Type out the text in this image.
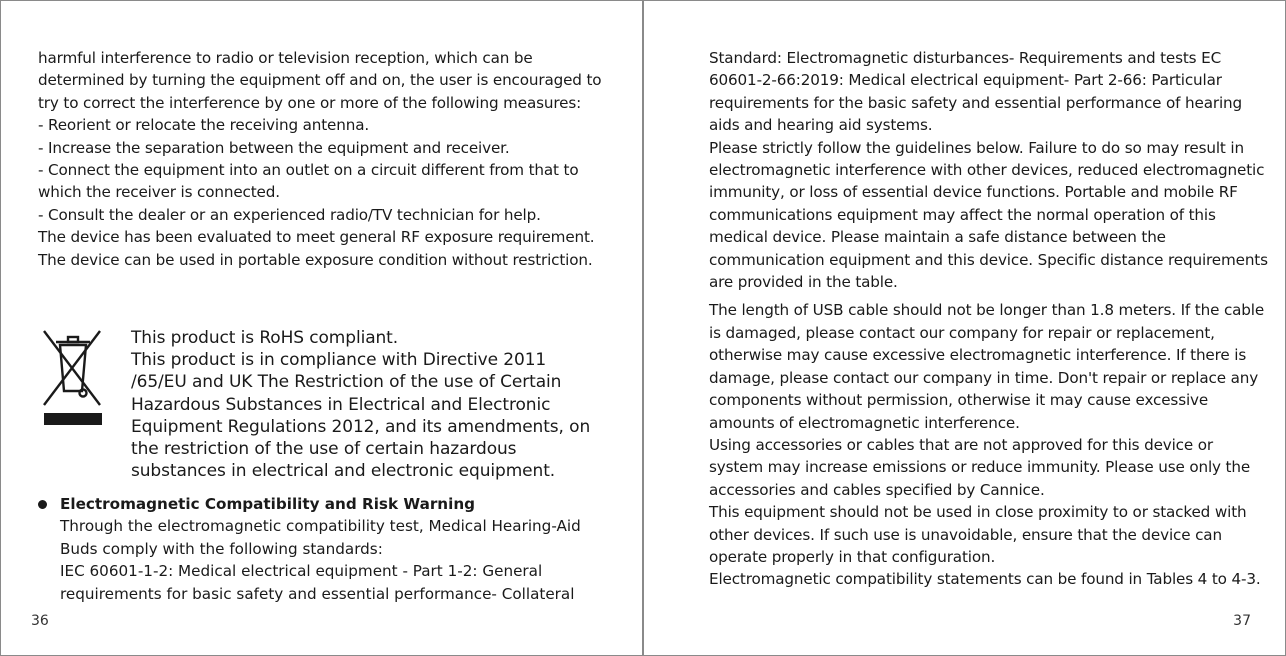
harmful interference to radio or television reception, which can be determined by turning the equipment off and on, the user is encouraged to try to correct the interference by one or more of the following measures:

- Reorient or relocate the receiving antenna.

- Increase the separation between the equipment and receiver.

- Connect the equipment into an outlet on a circuit different from that to which the receiver is connected.

- Consult the dealer or an experienced radio/TV technician for help.

The device has been evaluated to meet general RF exposure requirement. The device can be used in portable exposure condition without restriction.

This product is RoHS compliant.

This product is in compliance with Directive 2011 /65/EU and UK The Restriction of the use of Certain Hazardous Substances in Electrical and Electronic Equipment Regulations 2012, and its amendments, on the restriction of the use of certain hazardous substances in electrical and electronic equipment.

Electromagnetic Compatibility and Risk Warning

Through the electromagnetic compatibility test, Medical Hearing-Aid Buds comply with the following standards:

IEC 60601-1-2: Medical electrical equipment - Part 1-2: General requirements for basic safety and essential performance- Collateral

36

Standard: Electromagnetic disturbances- Requirements and tests EC 60601-2-66:2019: Medical electrical equipment- Part 2-66: Particular requirements for the basic safety and essential performance of hearing aids and hearing aid systems.

Please strictly follow the guidelines below. Failure to do so may result in electromagnetic interference with other devices, reduced electromagnetic immunity, or loss of essential device functions. Portable and mobile RF communications equipment may affect the normal operation of this medical device. Please maintain a safe distance between the communication equipment and this device. Specific distance requirements are provided in the table.

The length of USB cable should not be longer than 1.8 meters. If the cable is damaged, please contact our company for repair or replacement, otherwise may cause excessive electromagnetic interference. If there is damage, please contact our company in time. Don't repair or replace any components without permission, otherwise it may cause excessive amounts of electromagnetic interference.

Using accessories or cables that are not approved for this device or system may increase emissions or reduce immunity. Please use only the accessories and cables specified by Cannice.

This equipment should not be used in close proximity to or stacked with other devices. If such use is unavoidable, ensure that the device can operate properly in that configuration.

Electromagnetic compatibility statements can be found in Tables 4 to 4-3.

37
